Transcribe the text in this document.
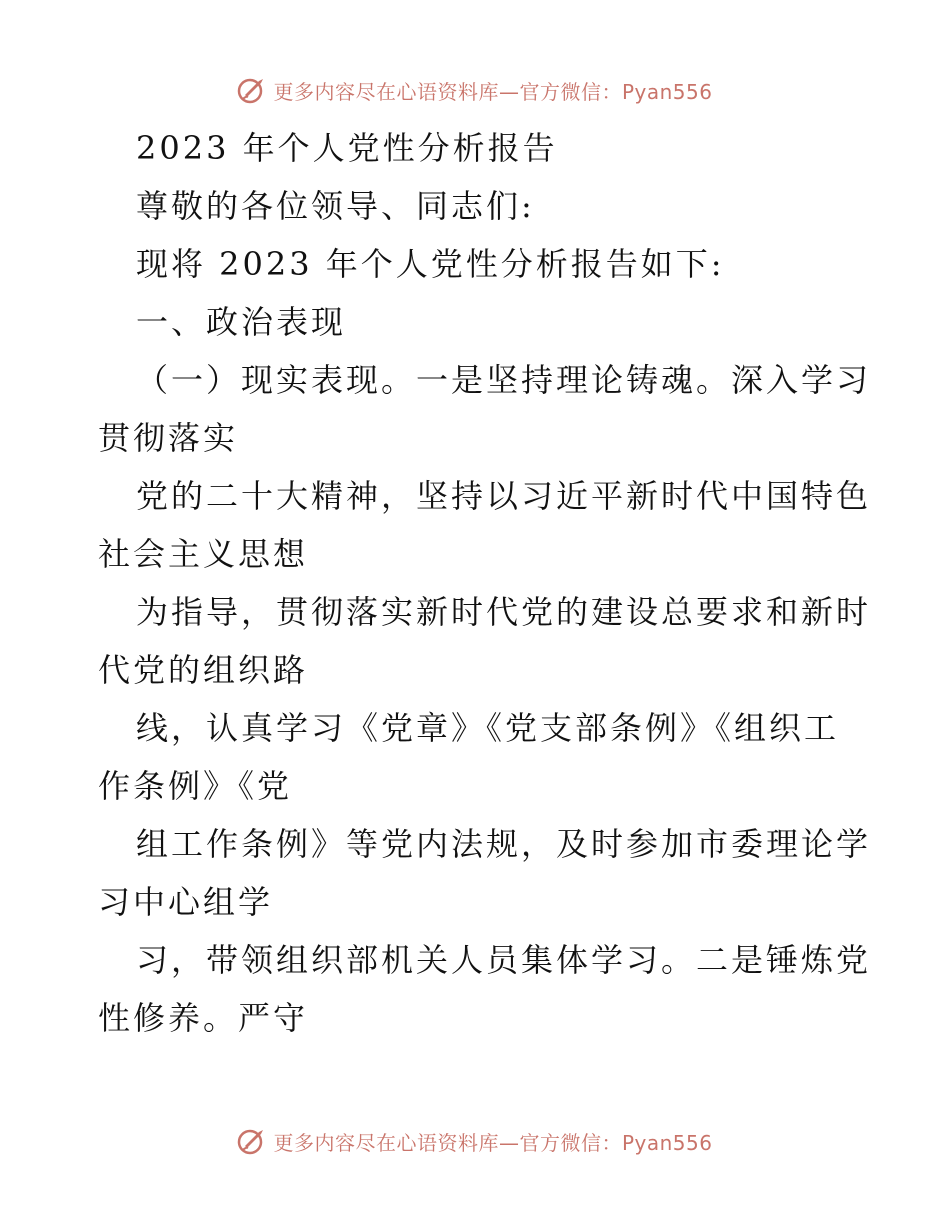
更多内容尽在心语资料库—官方微信：Pyan556
2023 年个人党性分析报告
尊敬的各位领导、同志们:
现将 2023 年个人党性分析报告如下:
一、政治表现
（一）现实表现。一是坚持理论铸魂。深入学习
贯彻落实
党的二十大精神，坚持以习近平新时代中国特色
社会主义思想
为指导，贯彻落实新时代党的建设总要求和新时
代党的组织路
线，认真学习《党章》《党支部条例》《组织工
作条例》《党
组工作条例》等党内法规，及时参加市委理论学
习中心组学
习，带领组织部机关人员集体学习。二是锤炼党
性修养。严守
更多内容尽在心语资料库—官方微信：Pyan556
